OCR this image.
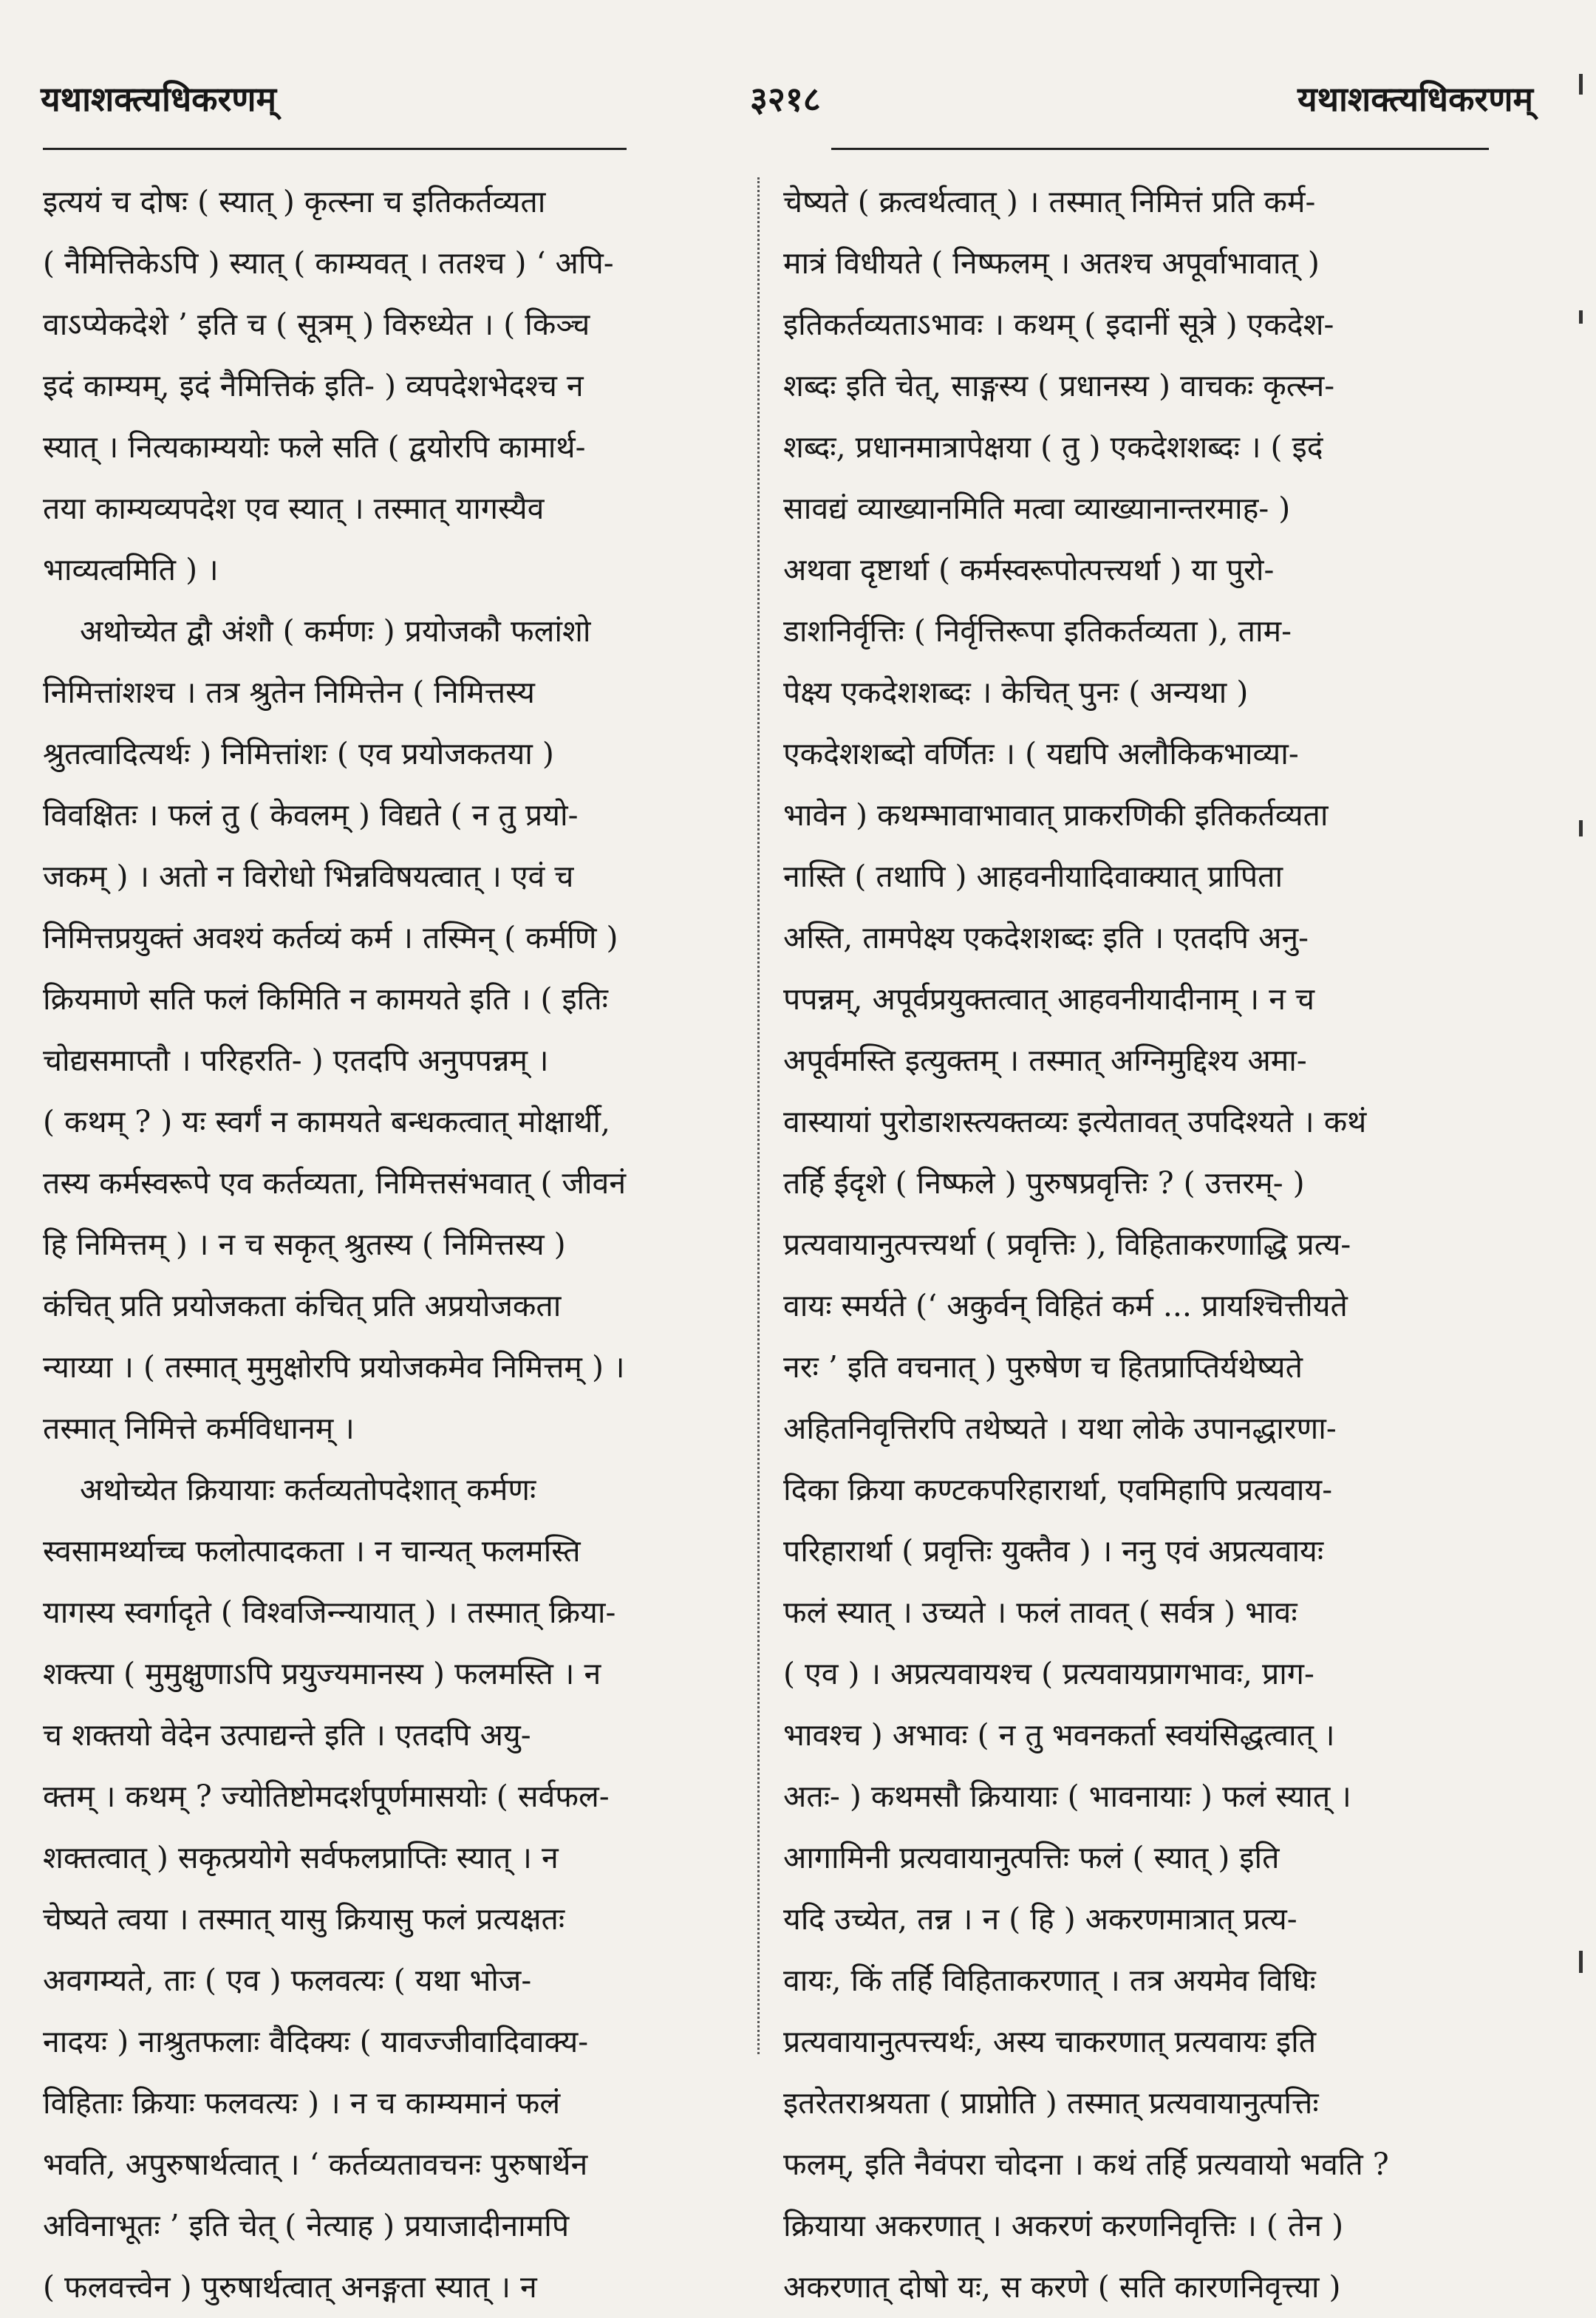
यथाशक्त्यधिकरणम्	३२१८	यथाशक्त्यधिकरणम्
इत्ययं च दोषः ( स्यात् ) कृत्स्ना च इतिकर्तव्यता
( नैमित्तिकेऽपि ) स्यात् ( काम्यवत् । ततश्च ) ‘ अपि-
वाऽप्येकदेशे ’ इति च ( सूत्रम् ) विरुध्येत । ( किञ्च
इदं काम्यम्, इदं नैमित्तिकं इति- ) व्यपदेशभेदश्च न
स्यात् । नित्यकाम्ययोः फले सति ( द्वयोरपि कामार्थ-
तया काम्यव्यपदेश एव स्यात् । तस्मात् यागस्यैव
भाव्यत्वमिति ) ।
अथोच्येत द्वौ अंशौ ( कर्मणः ) प्रयोजकौ फलांशो
निमित्तांशश्च । तत्र श्रुतेन निमित्तेन ( निमित्तस्य
श्रुतत्वादित्यर्थः ) निमित्तांशः ( एव प्रयोजकतया )
विवक्षितः । फलं तु ( केवलम् ) विद्यते ( न तु प्रयो-
जकम् ) । अतो न विरोधो भिन्नविषयत्वात् । एवं च
निमित्तप्रयुक्तं अवश्यं कर्तव्यं कर्म । तस्मिन् ( कर्मणि )
क्रियमाणे सति फलं किमिति न कामयते इति । ( इतिः
चोद्यसमाप्तौ । परिहरति- ) एतदपि अनुपपन्नम् ।
( कथम् ? ) यः स्वर्गं न कामयते बन्धकत्वात् मोक्षार्थी,
तस्य कर्मस्वरूपे एव कर्तव्यता, निमित्तसंभवात् ( जीवनं
हि निमित्तम् ) । न च सकृत् श्रुतस्य ( निमित्तस्य )
कंचित् प्रति प्रयोजकता कंचित् प्रति अप्रयोजकता
न्याय्या । ( तस्मात् मुमुक्षोरपि प्रयोजकमेव निमित्तम् ) ।
तस्मात् निमित्ते कर्मविधानम् ।
अथोच्येत क्रियायाः कर्तव्यतोपदेशात् कर्मणः
स्वसामर्थ्याच्च फलोत्पादकता । न चान्यत् फलमस्ति
यागस्य स्वर्गादृते ( विश्वजिन्न्यायात् ) । तस्मात् क्रिया-
शक्त्या ( मुमुक्षुणाऽपि प्रयुज्यमानस्य ) फलमस्ति । न
च शक्तयो वेदेन उत्पाद्यन्ते इति । एतदपि अयु-
क्तम् । कथम् ? ज्योतिष्टोमदर्शपूर्णमासयोः ( सर्वफल-
शक्तत्वात् ) सकृत्प्रयोगे सर्वफलप्राप्तिः स्यात् । न
चेष्यते त्वया । तस्मात् यासु क्रियासु फलं प्रत्यक्षतः
अवगम्यते, ताः ( एव ) फलवत्यः ( यथा भोज-
नादयः ) नाश्रुतफलाः वैदिक्यः ( यावज्जीवादिवाक्य-
विहिताः क्रियाः फलवत्यः ) । न च काम्यमानं फलं
भवति, अपुरुषार्थत्वात् । ‘ कर्तव्यतावचनः पुरुषार्थेन
अविनाभूतः ’ इति चेत् ( नेत्याह ) प्रयाजादीनामपि
( फलवत्त्वेन ) पुरुषार्थत्वात् अनङ्गता स्यात् । न
चेष्यते ( क्रत्वर्थत्वात् ) । तस्मात् निमित्तं प्रति कर्म-
मात्रं विधीयते ( निष्फलम् । अतश्च अपूर्वाभावात् )
इतिकर्तव्यताऽभावः । कथम् ( इदानीं सूत्रे ) एकदेश-
शब्दः इति चेत्, साङ्गस्य ( प्रधानस्य ) वाचकः कृत्स्न-
शब्दः, प्रधानमात्रापेक्षया ( तु ) एकदेशशब्दः । ( इदं
सावद्यं व्याख्यानमिति मत्वा व्याख्यानान्तरमाह- )
अथवा दृष्टार्था ( कर्मस्वरूपोत्पत्त्यर्था ) या पुरो-
डाशनिर्वृत्तिः ( निर्वृत्तिरूपा इतिकर्तव्यता ), ताम-
पेक्ष्य एकदेशशब्दः । केचित् पुनः ( अन्यथा )
एकदेशशब्दो वर्णितः । ( यद्यपि अलौकिकभाव्या-
भावेन ) कथम्भावाभावात् प्राकरणिकी इतिकर्तव्यता
नास्ति ( तथापि ) आहवनीयादिवाक्यात् प्रापिता
अस्ति, तामपेक्ष्य एकदेशशब्दः इति । एतदपि अनु-
पपन्नम्, अपूर्वप्रयुक्तत्वात् आहवनीयादीनाम् । न च
अपूर्वमस्ति इत्युक्तम् । तस्मात् अग्निमुद्दिश्य अमा-
वास्यायां पुरोडाशस्त्यक्तव्यः इत्येतावत् उपदिश्यते । कथं
तर्हि ईदृशे ( निष्फले ) पुरुषप्रवृत्तिः ? ( उत्तरम्- )
प्रत्यवायानुत्पत्त्यर्था ( प्रवृत्तिः ), विहिताकरणाद्धि प्रत्य-
वायः स्मर्यते (‘ अकुर्वन् विहितं कर्म ... प्रायश्चित्तीयते
नरः ’ इति वचनात् ) पुरुषेण च हितप्राप्तिर्यथेष्यते
अहितनिवृत्तिरपि तथेष्यते । यथा लोके उपानद्धारणा-
दिका क्रिया कण्टकपरिहारार्था, एवमिहापि प्रत्यवाय-
परिहारार्था ( प्रवृत्तिः युक्तैव ) । ननु एवं अप्रत्यवायः
फलं स्यात् । उच्यते । फलं तावत् ( सर्वत्र ) भावः
( एव ) । अप्रत्यवायश्च ( प्रत्यवायप्रागभावः, प्राग-
भावश्च ) अभावः ( न तु भवनकर्ता स्वयंसिद्धत्वात् ।
अतः- ) कथमसौ क्रियायाः ( भावनायाः ) फलं स्यात् ।
आगामिनी प्रत्यवायानुत्पत्तिः फलं ( स्यात् ) इति
यदि उच्येत, तन्न । न ( हि ) अकरणमात्रात् प्रत्य-
वायः, किं तर्हि विहिताकरणात् । तत्र अयमेव विधिः
प्रत्यवायानुत्पत्त्यर्थः, अस्य चाकरणात् प्रत्यवायः इति
इतरेतराश्रयता ( प्राप्नोति ) तस्मात् प्रत्यवायानुत्पत्तिः
फलम्, इति नैवंपरा चोदना । कथं तर्हि प्रत्यवायो भवति ?
क्रियाया अकरणात् । अकरणं करणनिवृत्तिः । ( तेन )
अकरणात् दोषो यः, स करणे ( सति कारणनिवृत्त्या )
